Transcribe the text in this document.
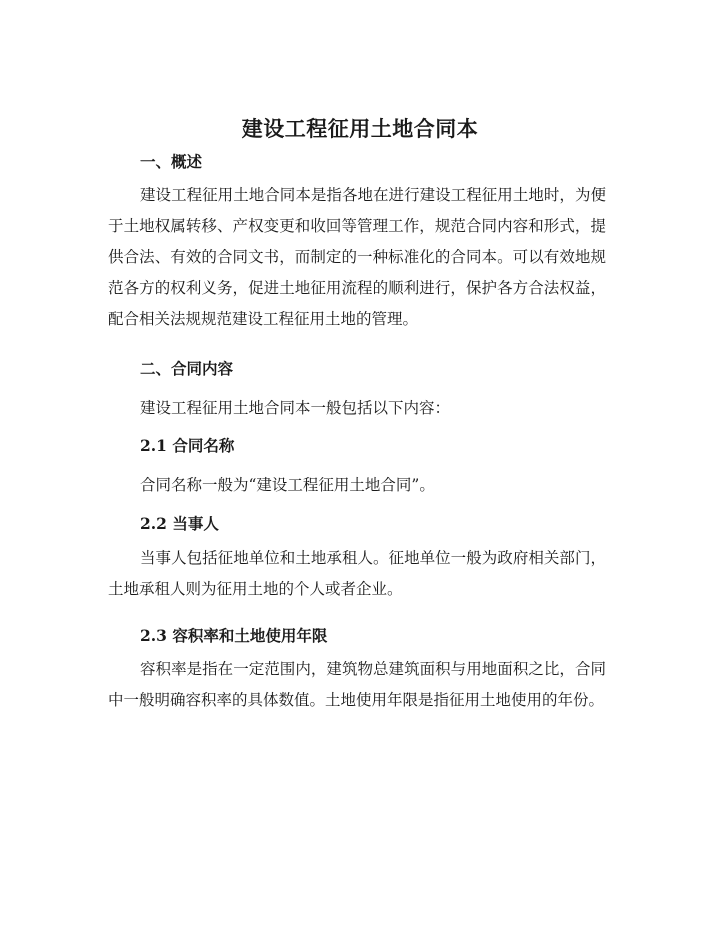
建设工程征用土地合同本
一、概述

建设工程征用土地合同本是指各地在进行建设工程征用土地时，为便于土地权属转移、产权变更和收回等管理工作，规范合同内容和形式，提供合法、有效的合同文书，而制定的一种标准化的合同本。可以有效地规范各方的权利义务，促进土地征用流程的顺利进行，保护各方合法权益，配合相关法规规范建设工程征用土地的管理。

二、合同内容

建设工程征用土地合同本一般包括以下内容：

2.1 合同名称

合同名称一般为“建设工程征用土地合同”。

2.2 当事人

当事人包括征地单位和土地承租人。征地单位一般为政府相关部门，土地承租人则为征用土地的个人或者企业。

2.3 容积率和土地使用年限

容积率是指在一定范围内，建筑物总建筑面积与用地面积之比，合同中一般明确容积率的具体数值。土地使用年限是指征用土地使用的年份。
